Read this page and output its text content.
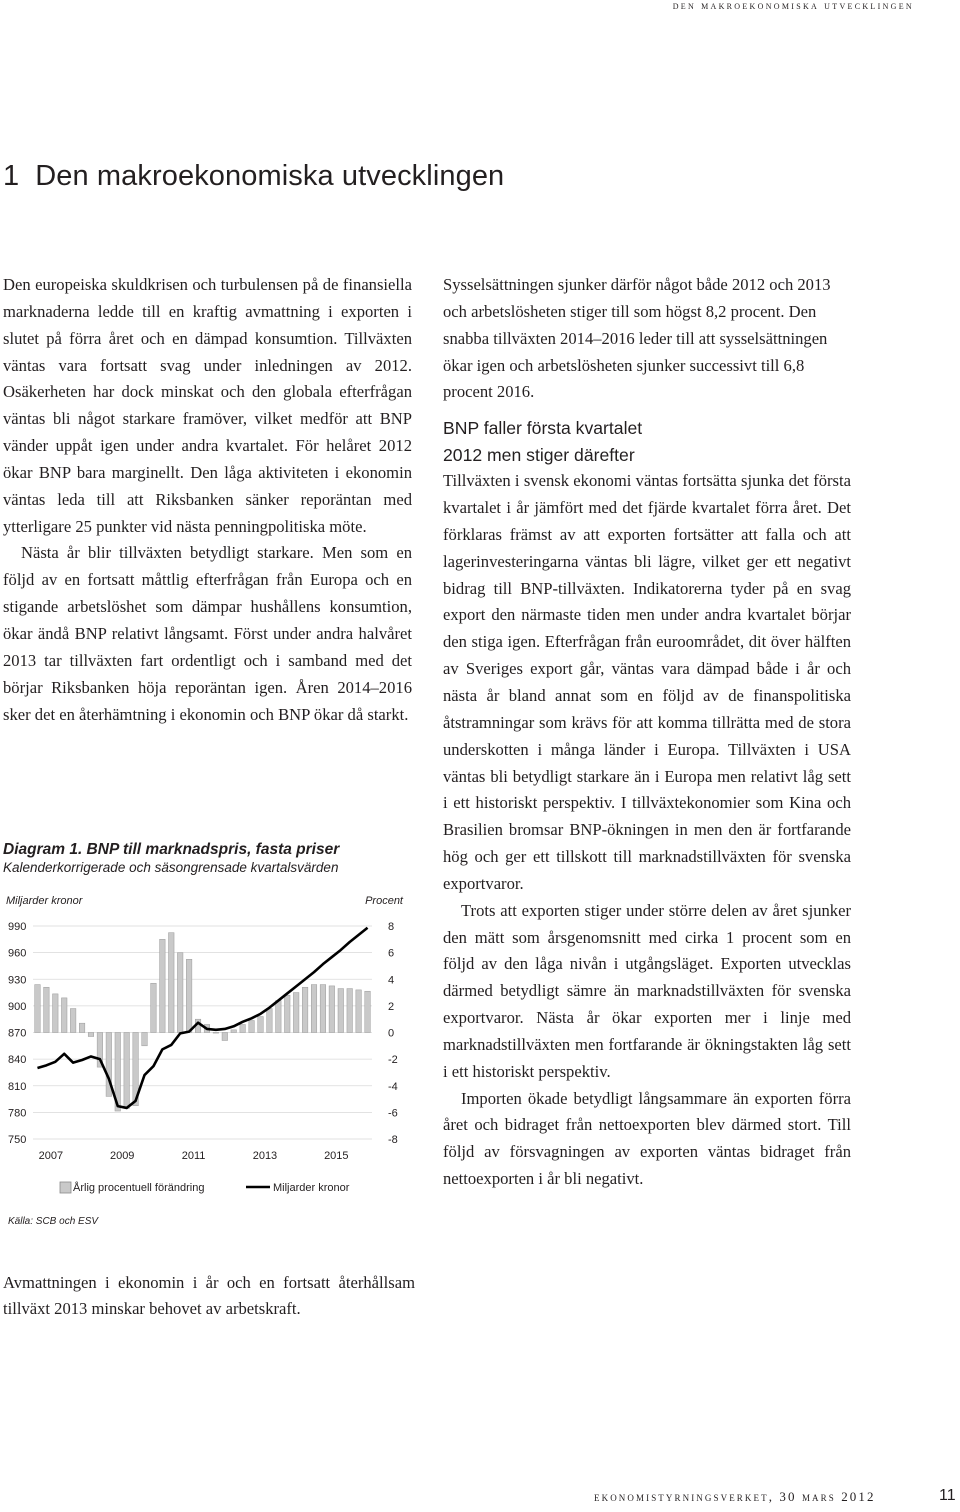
den makroekonomiska utvecklingen
1 Den makroekonomiska utvecklingen

Den europeiska skuldkrisen och turbulensen på de finansiella marknaderna ledde till en kraftig avmattning i exporten i slutet på förra året och en dämpad konsumtion. Tillväxten väntas vara fortsatt svag under inledningen av 2012. Osäkerheten har dock minskat och den globala efterfrågan väntas bli något starkare framöver, vilket medför att BNP vänder uppåt igen under andra kvartalet. För helåret 2012 ökar BNP bara marginellt. Den låga aktiviteten i ekonomin väntas leda till att Riksbanken sänker reporäntan med ytterligare 25 punkter vid nästa penningpolitiska möte.

Nästa år blir tillväxten betydligt starkare. Men som en följd av en fortsatt måttlig efterfrågan från Europa och en stigande arbetslöshet som dämpar hushållens konsumtion, ökar ändå BNP relativt långsamt. Först under andra halvåret 2013 tar tillväxten fart ordentligt och i samband med det börjar Riksbanken höja reporäntan igen. Åren 2014–2016 sker det en återhämtning i ekonomin och BNP ökar då starkt.

Diagram 1. BNP till marknadspris, fasta priser
Kalenderkorrigerade och säsongrensade kvartalsvärden
Miljarder kronor	Procent
990	8
960	6
930	4
900	2
870	0
840	-2
810	-4
780	-6
750	-8
2007	2009	2011	2013	2015
Årlig procentuell förändring	Miljarder kronor
Källa: SCB och ESV

Avmattningen i ekonomin i år och en fortsatt återhållsam tillväxt 2013 minskar behovet av arbetskraft.

Sysselsättningen sjunker därför något både 2012 och 2013 och arbetslösheten stiger till som högst 8,2 procent. Den snabba tillväxten 2014–2016 leder till att sysselsättningen ökar igen och arbetslösheten sjunker successivt till 6,8 procent 2016.

BNP faller första kvartalet
2012 men stiger därefter

Tillväxten i svensk ekonomi väntas fortsätta sjunka det första kvartalet i år jämfört med det fjärde kvartalet förra året. Det förklaras främst av att exporten fortsätter att falla och att lagerinvesteringarna väntas bli lägre, vilket ger ett negativt bidrag till BNP-tillväxten. Indikatorerna tyder på en svag export den närmaste tiden men under andra kvartalet börjar den stiga igen. Efterfrågan från euroområdet, dit över hälften av Sveriges export går, väntas vara dämpad både i år och nästa år bland annat som en följd av de finanspolitiska åtstramningar som krävs för att komma tillrätta med de stora underskotten i många länder i Europa. Tillväxten i USA väntas bli betydligt starkare än i Europa men relativt låg sett i ett historiskt perspektiv. I tillväxtekonomier som Kina och Brasilien bromsar BNP-ökningen in men den är fortfarande hög och ger ett tillskott till marknadstillväxten för svenska exportvaror.

Trots att exporten stiger under större delen av året sjunker den mätt som årsgenomsnitt med cirka 1 procent som en följd av den låga nivån i utgångsläget. Exporten utvecklas därmed betydligt sämre än marknadstillväxten för svenska exportvaror. Nästa år ökar exporten mer i linje med marknadstillväxten men fortfarande är ökningstakten låg sett i ett historiskt perspektiv.

Importen ökade betydligt långsammare än exporten förra året och bidraget från nettoexporten blev därmed stort. Till följd av försvagningen av exporten väntas bidraget från nettoexporten i år bli negativt.

ekonomistyrningsverket, 30 mars 2012	11
